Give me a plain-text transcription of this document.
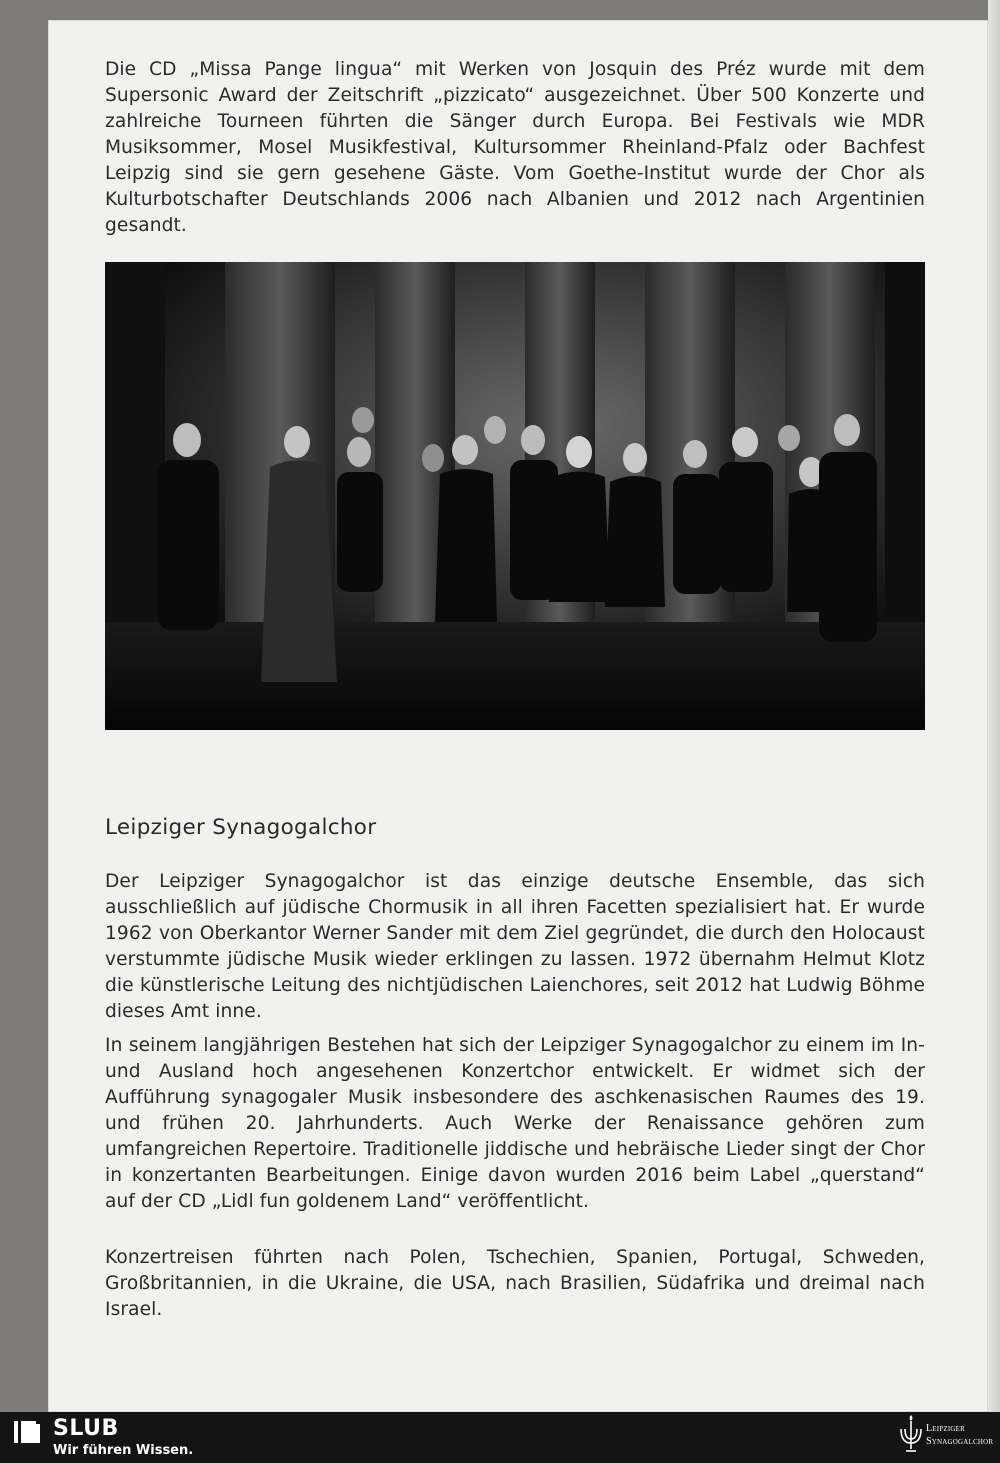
Die CD „Missa Pange lingua“ mit Werken von Josquin des Préz wurde mit dem Supersonic Award der Zeitschrift „pizzicato“ ausgezeichnet. Über 500 Konzerte und zahlreiche Tourneen führten die Sänger durch Europa. Bei Festivals wie MDR Musiksommer, Mosel Musikfestival, Kultursommer Rheinland-Pfalz oder Bachfest Leipzig sind sie gern gesehene Gäste. Vom Goethe-Institut wurde der Chor als Kulturbotschafter Deutschlands 2006 nach Albanien und 2012 nach Argentinien gesandt.

Leipziger Synagogalchor

Der Leipziger Synagogalchor ist das einzige deutsche Ensemble, das sich ausschließlich auf jüdische Chormusik in all ihren Facetten spezialisiert hat. Er wurde 1962 von Oberkantor Werner Sander mit dem Ziel gegründet, die durch den Holocaust verstummte jüdische Musik wieder erklingen zu lassen. 1972 übernahm Helmut Klotz die künstlerische Leitung des nichtjüdischen Laienchores, seit 2012 hat Ludwig Böhme dieses Amt inne.

In seinem langjährigen Bestehen hat sich der Leipziger Synagogalchor zu einem im In- und Ausland hoch angesehenen Konzertchor entwickelt. Er widmet sich der Aufführung synagogaler Musik insbesondere des aschkenasischen Raumes des 19. und frühen 20. Jahrhunderts. Auch Werke der Renaissance gehören zum umfangreichen Repertoire. Traditionelle jiddische und hebräische Lieder singt der Chor in konzertanten Bearbeitungen. Einige davon wurden 2016 beim Label „querstand“ auf der CD „Lidl fun goldenem Land“ veröffentlicht.

Konzertreisen führten nach Polen, Tschechien, Spanien, Portugal, Schweden, Großbritannien, in die Ukraine, die USA, nach Brasilien, Südafrika und dreimal nach Israel.

SLUB
Wir führen Wissen.
Leipziger
Synagogalchor
